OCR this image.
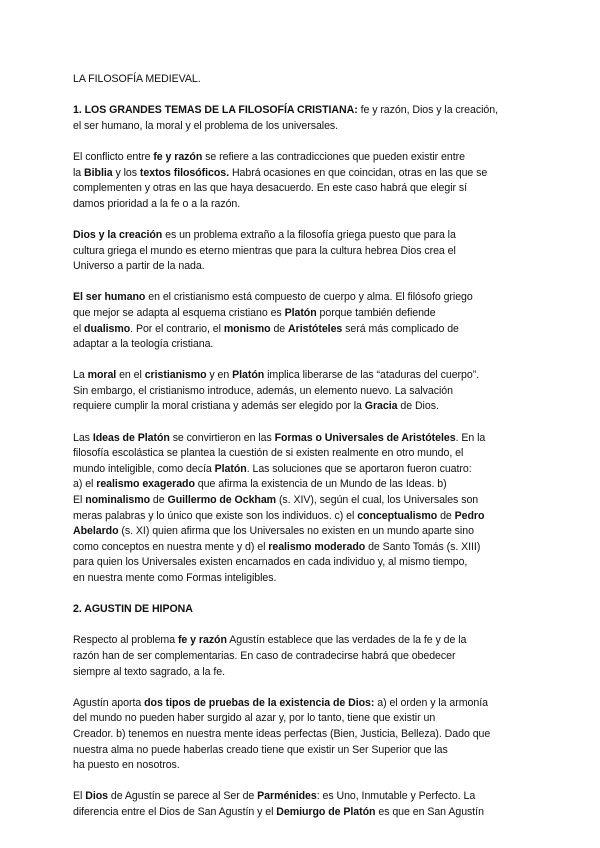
LA FILOSOFÍA MEDIEVAL.
1. LOS GRANDES TEMAS DE LA FILOSOFÍA CRISTIANA: fe y razón, Dios y la creación,
el ser humano, la moral y el problema de los universales.
El conflicto entre fe y razón se refiere a las contradicciones que pueden existir entre
la Biblia y los textos filosóficos. Habrá ocasiones en que coincidan, otras en las que se
complementen y otras en las que haya desacuerdo. En este caso habrá que elegir sí
damos prioridad a la fe o a la razón.
Dios y la creación es un problema extraño a la filosofía griega puesto que para la
cultura griega el mundo es eterno mientras que para la cultura hebrea Dios crea el
Universo a partir de la nada.
El ser humano en el cristianismo está compuesto de cuerpo y alma. El filósofo griego
que mejor se adapta al esquema cristiano es Platón porque también defiende
el dualismo. Por el contrario, el monismo de Aristóteles será más complicado de
adaptar a la teología cristiana.
La moral en el cristianismo y en Platón implica liberarse de las “ataduras del cuerpo”.
Sin embargo, el cristianismo introduce, además, un elemento nuevo. La salvación
requiere cumplir la moral cristiana y además ser elegido por la Gracia de Dios.
Las Ideas de Platón se convirtieron en las Formas o Universales de Aristóteles. En la
filosofía escolástica se plantea la cuestión de si existen realmente en otro mundo, el
mundo inteligible, como decía Platón. Las soluciones que se aportaron fueron cuatro:
a) el realismo exagerado que afirma la existencia de un Mundo de las Ideas. b)
El nominalismo de Guillermo de Ockham (s. XIV), según el cual, los Universales son
meras palabras y lo único que existe son los individuos. c) el conceptualismo de Pedro
Abelardo (s. XI) quien afirma que los Universales no existen en un mundo aparte sino
como conceptos en nuestra mente y d) el realismo moderado de Santo Tomás (s. XIII)
para quien los Universales existen encarnados en cada individuo y, al mismo tiempo,
en nuestra mente como Formas inteligibles.
2. AGUSTIN DE HIPONA
Respecto al problema fe y razón Agustín establece que las verdades de la fe y de la
razón han de ser complementarias. En caso de contradecirse habrá que obedecer
siempre al texto sagrado, a la fe.
Agustín aporta dos tipos de pruebas de la existencia de Dios: a) el orden y la armonía
del mundo no pueden haber surgido al azar y, por lo tanto, tiene que existir un
Creador. b) tenemos en nuestra mente ideas perfectas (Bien, Justicia, Belleza). Dado que
nuestra alma no puede haberlas creado tiene que existir un Ser Superior que las
ha puesto en nosotros.
El Dios de Agustín se parece al Ser de Parménides: es Uno, Inmutable y Perfecto. La
diferencia entre el Dios de San Agustín y el Demiurgo de Platón es que en San Agustín
